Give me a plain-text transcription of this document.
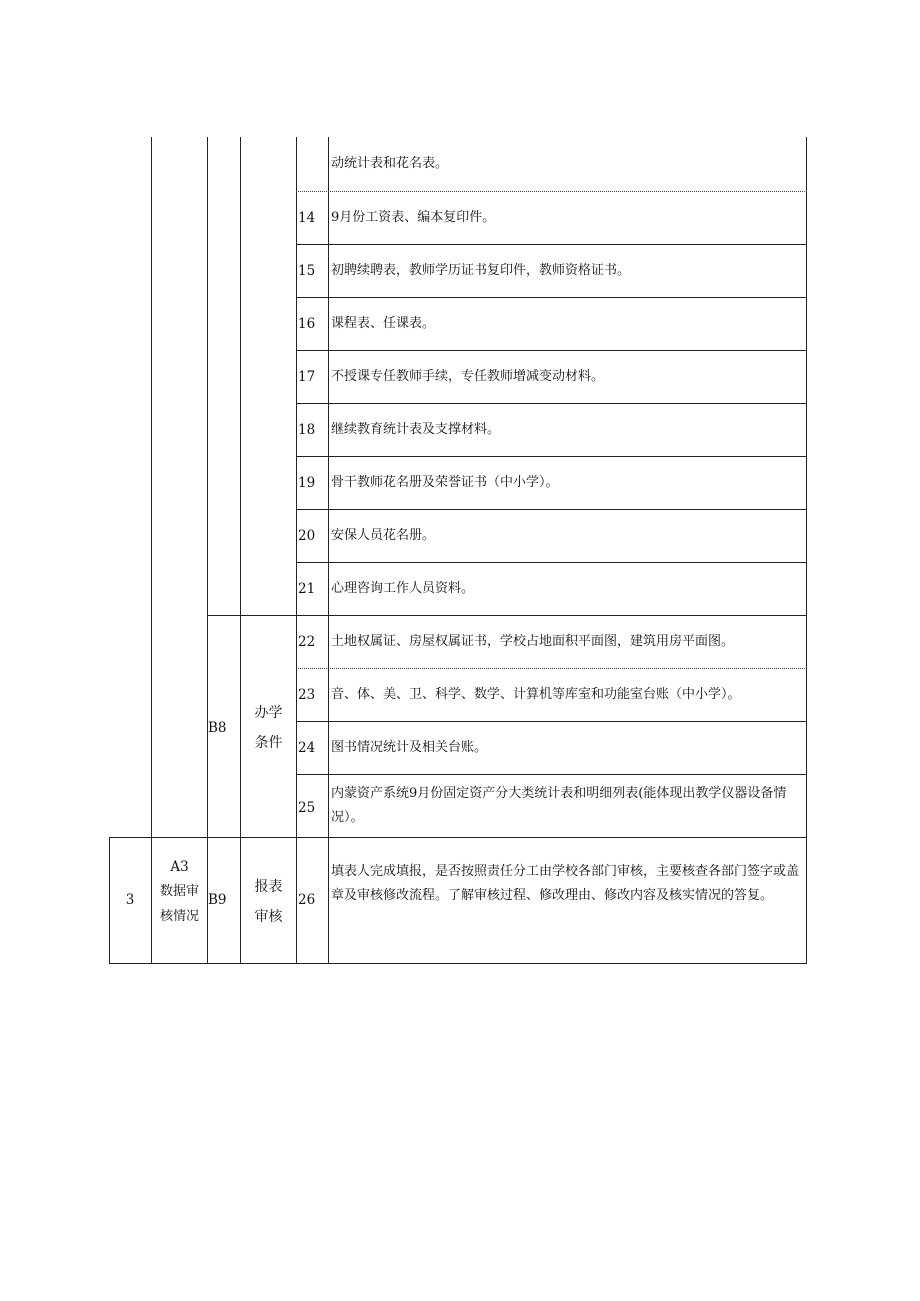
动统计表和花名表。
14 9月份工资表、编本复印件。
15 初聘续聘表，教师学历证书复印件，教师资格证书。
16 课程表、任课表。
17 不授课专任教师手续，专任教师增减变动材料。
18 继续教育统计表及支撑材料。
19 骨干教师花名册及荣誉证书（中小学）。
20 安保人员花名册。
21 心理咨询工作人员资料。
B8
办学
条件
22 土地权属证、房屋权属证书，学校占地面积平面图，建筑用房平面图。
23 音、体、美、卫、科学、数学、计算机等库室和功能室台账（中小学）。
24 图书情况统计及相关台账。
25
内蒙资产系统9月份固定资产分大类统计表和明细列表(能体现出教学仪器设备情况）。
3
A3
数据审
核情况
B9
报表
审核
26
填表人完成填报，是否按照责任分工由学校各部门审核，主要核查各部门签字或盖章及审核修改流程。了解审核过程、修改理由、修改内容及核实情况的答复。
